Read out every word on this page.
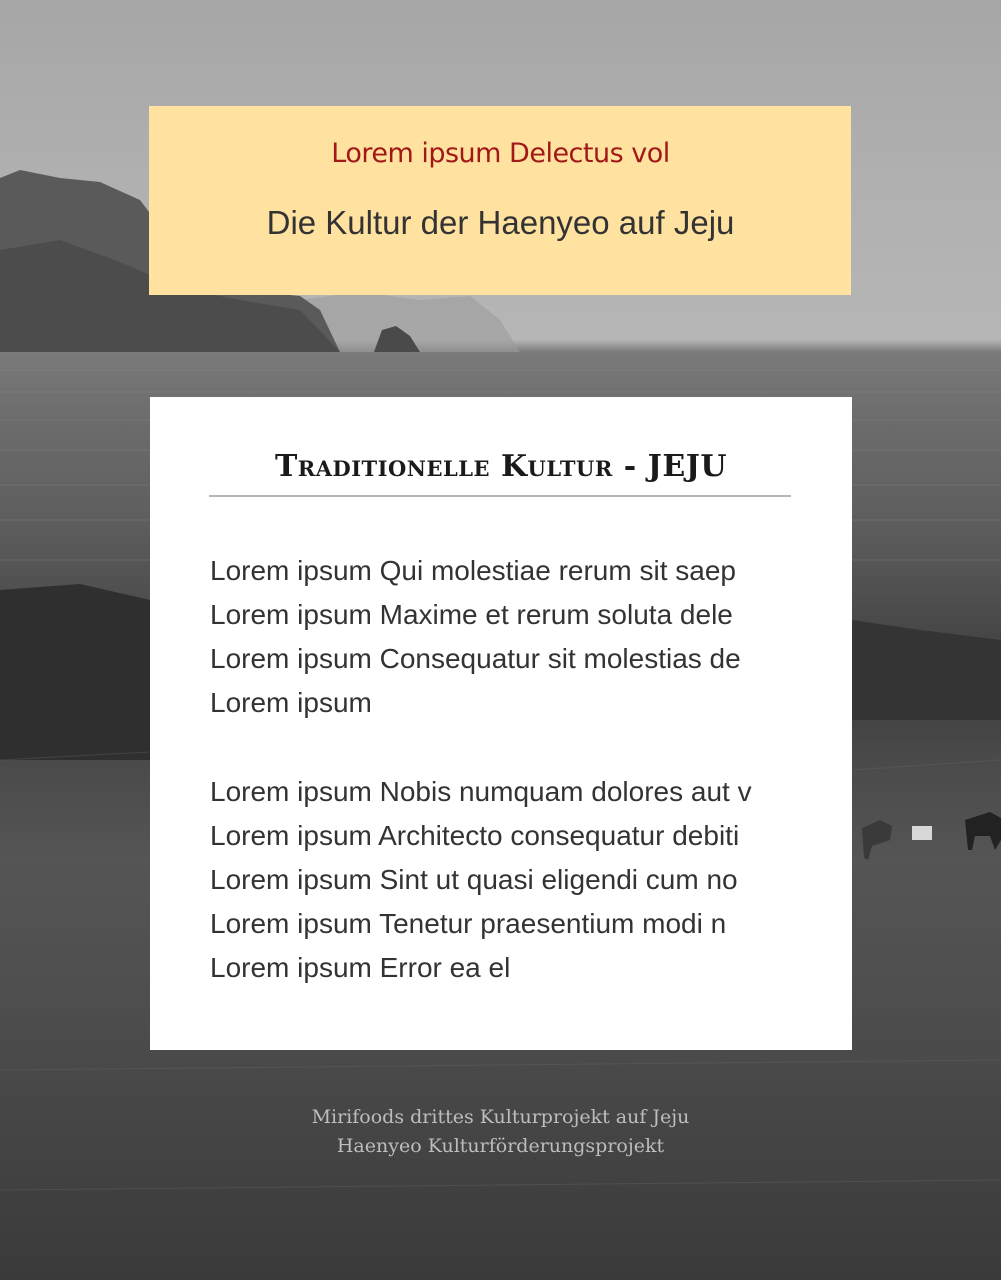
Lorem ipsum Delectus vol
Die Kultur der Haenyeo auf Jeju
Traditionelle Kultur - JEJU
Lorem ipsum Qui molestiae rerum sit saep
Lorem ipsum Maxime et rerum soluta dele
Lorem ipsum Consequatur sit molestias de
Lorem ipsum
Lorem ipsum Nobis numquam dolores aut v
Lorem ipsum Architecto consequatur debiti
Lorem ipsum Sint ut quasi eligendi cum no
Lorem ipsum Tenetur praesentium modi n
Lorem ipsum Error ea el
Mirifoods drittes Kulturprojekt auf Jeju
Haenyeo Kulturförderungsprojekt
